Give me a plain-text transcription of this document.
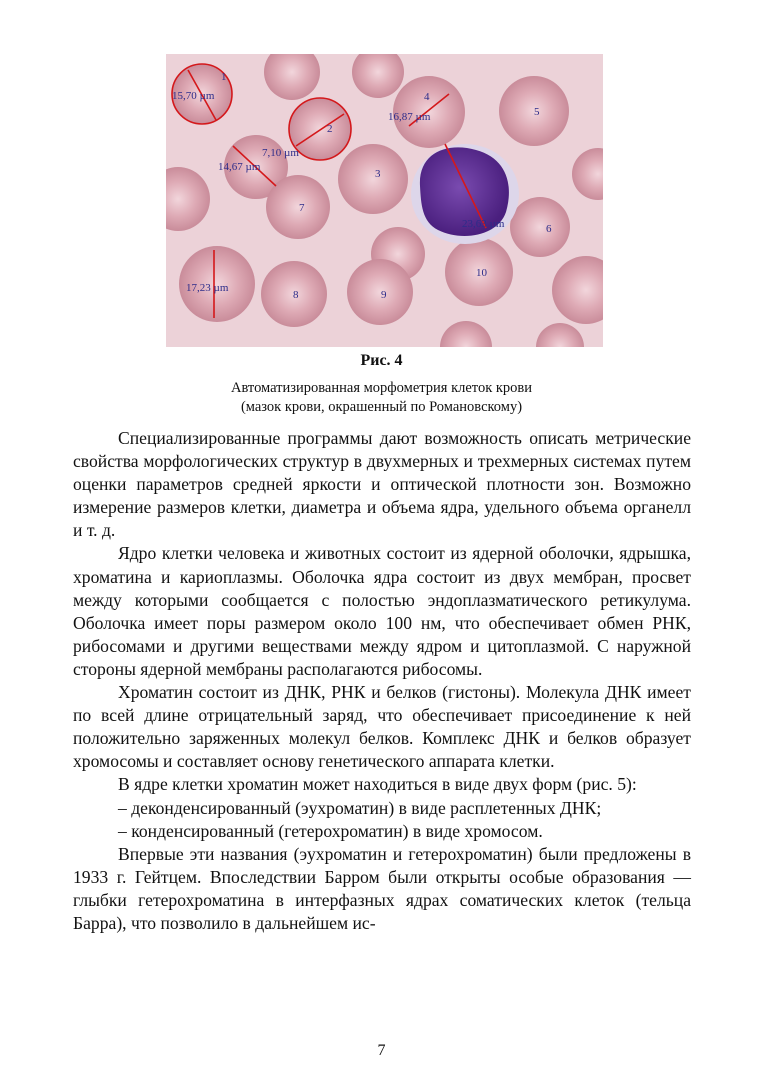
15,70 µm
16,87 µm
7,10 µm
14,67 µm
23,63 µm
17,23 µm
1
2
3
4
5
6
7
8	9
10
Рис. 4
Автоматизированная морфометрия клеток крови
(мазок крови, окрашенный по Романовскому)

Специализированные программы дают возможность описать метрические свойства морфологических структур в двухмерных и трехмерных системах путем оценки параметров средней яркости и оптической плотности зон. Возможно измерение размеров клетки, диаметра и объема ядра, удельного объема органелл и т. д.

Ядро клетки человека и животных состоит из ядерной оболочки, ядрышка, хроматина и кариоплазмы. Оболочка ядра состоит из двух мембран, просвет между которыми сообщается с полостью эндоплазматического ретикулума. Оболочка имеет поры размером около 100 нм, что обеспечивает обмен РНК, рибосомами и другими веществами между ядром и цитоплазмой. С наружной стороны ядерной мембраны располагаются рибосомы.

Хроматин состоит из ДНК, РНК и белков (гистоны). Молекула ДНК имеет по всей длине отрицательный заряд, что обеспечивает присоединение к ней положительно заряженных молекул белков. Комплекс ДНК и белков образует хромосомы и составляет основу генетического аппарата клетки.

В ядре клетки хроматин может находиться в виде двух форм (рис. 5):

– деконденсированный (эухроматин) в виде расплетенных ДНК;

– конденсированный (гетерохроматин) в виде хромосом.

Впервые эти названия (эухроматин и гетерохроматин) были предложены в 1933 г. Гейтцем. Впоследствии Барром были открыты особые образования — глыбки гетерохроматина в интерфазных ядрах соматических клеток (тельца Барра), что позволило в дальнейшем ис-

7
